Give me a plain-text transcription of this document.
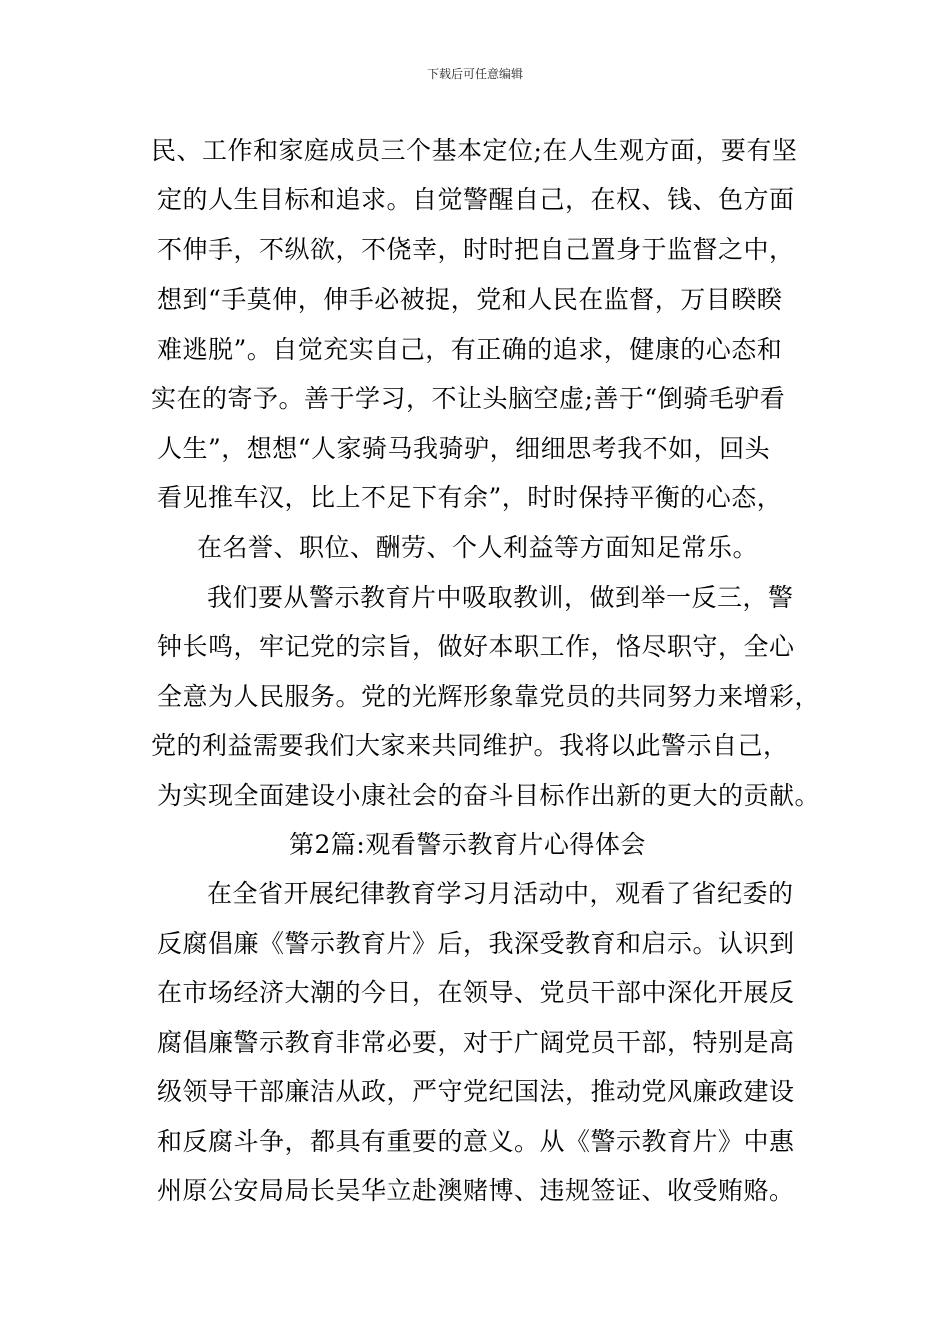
下载后可任意编辑
民、工作和家庭成员三个基本定位;在人生观方面，要有坚
定的人生目标和追求。自觉警醒自己，在权、钱、色方面
不伸手，不纵欲，不侥幸，时时把自己置身于监督之中，
想到“手莫伸，伸手必被捉，党和人民在监督，万目睽睽
难逃脱”。自觉充实自己，有正确的追求，健康的心态和
实在的寄予。善于学习，不让头脑空虚;善于“倒骑毛驴看
人生”，想想“人家骑马我骑驴，细细思考我不如，回头
看见推车汉，比上不足下有余”，时时保持平衡的心态，
在名誉、职位、酬劳、个人利益等方面知足常乐。
我们要从警示教育片中吸取教训，做到举一反三，警
钟长鸣，牢记党的宗旨，做好本职工作，恪尽职守，全心
全意为人民服务。党的光辉形象靠党员的共同努力来增彩，
党的利益需要我们大家来共同维护。我将以此警示自己，
为实现全面建设小康社会的奋斗目标作出新的更大的贡献。
第2篇:观看警示教育片心得体会
在全省开展纪律教育学习月活动中，观看了省纪委的
反腐倡廉《警示教育片》后，我深受教育和启示。认识到
在市场经济大潮的今日，在领导、党员干部中深化开展反
腐倡廉警示教育非常必要，对于广阔党员干部，特别是高
级领导干部廉洁从政，严守党纪国法，推动党风廉政建设
和反腐斗争，都具有重要的意义。从《警示教育片》中惠
州原公安局局长吴华立赴澳赌博、违规签证、收受贿赂。
